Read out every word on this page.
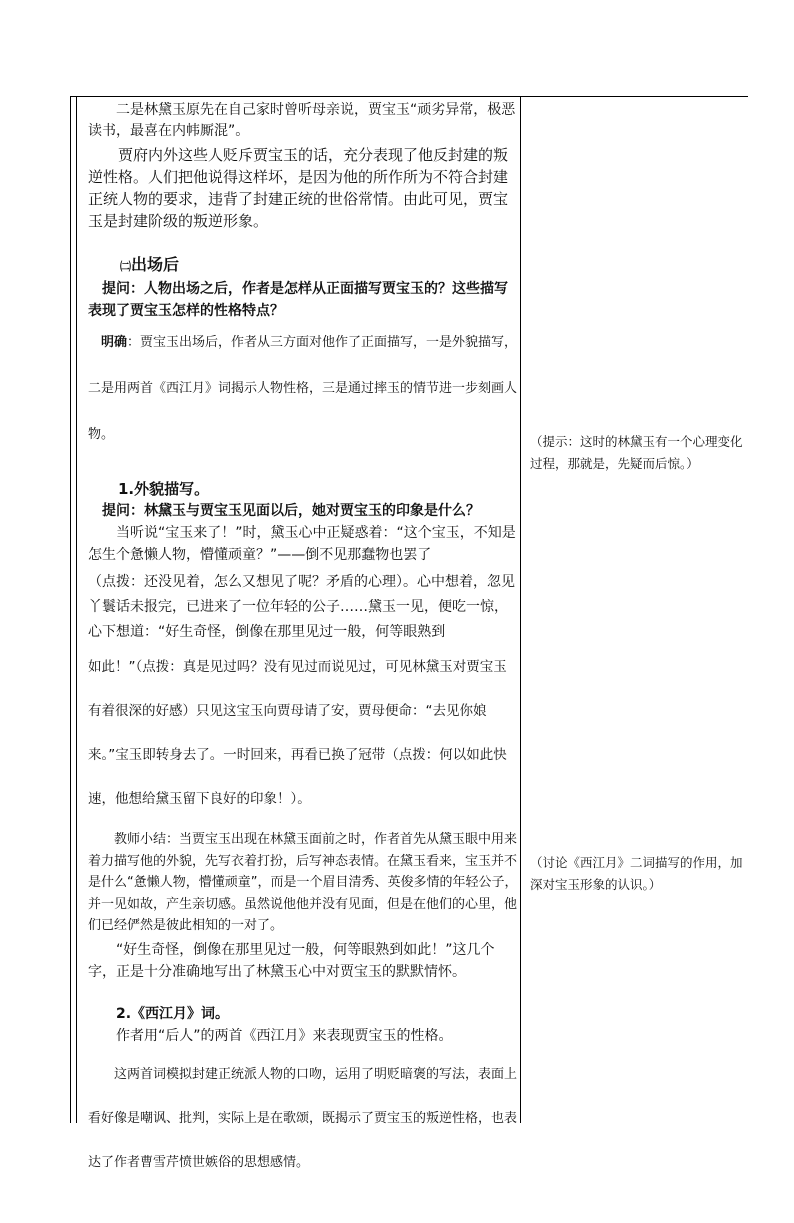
二是林黛玉原先在自己家时曾听母亲说，贾宝玉“顽劣异常，极恶读书，最喜在内帏厮混”。

贾府内外这些人贬斥贾宝玉的话，充分表现了他反封建的叛逆性格。人们把他说得这样坏，是因为他的所作所为不符合封建正统人物的要求，违背了封建正统的世俗常情。由此可见，贾宝玉是封建阶级的叛逆形象。

㈡出场后

提问：人物出场之后，作者是怎样从正面描写贾宝玉的？这些描写表现了贾宝玉怎样的性格特点？

明确：贾宝玉出场后，作者从三方面对他作了正面描写，一是外貌描写，二是用两首《西江月》词揭示人物性格，三是通过摔玉的情节进一步刻画人物。

1.外貌描写。

提问：林黛玉与贾宝玉见面以后，她对贾宝玉的印象是什么？

当听说“宝玉来了！”时，黛玉心中正疑惑着：“这个宝玉，不知是怎生个惫懒人物，懵懂顽童？”——倒不见那蠢物也罢了

（点拨：还没见着，怎么又想见了呢？矛盾的心理）。心中想着，忽见丫鬟话未报完，已进来了一位年轻的公子……黛玉一见，便吃一惊，心下想道：“好生奇怪，倒像在那里见过一般，何等眼熟到

如此！”（点拨：真是见过吗？没有见过而说见过，可见林黛玉对贾宝玉有着很深的好感）只见这宝玉向贾母请了安，贾母便命：“去见你娘来。”宝玉即转身去了。一时回来，再看已换了冠带（点拨：何以如此快速，他想给黛玉留下良好的印象！）。

教师小结：当贾宝玉出现在林黛玉面前之时，作者首先从黛玉眼中用来着力描写他的外貌，先写衣着打扮，后写神态表情。在黛玉看来，宝玉并不是什么“惫懒人物，懵懂顽童”，而是一个眉目清秀、英俊多情的年轻公子，并一见如故，产生亲切感。虽然说他他并没有见面，但是在他们的心里，他们已经俨然是彼此相知的一对了。

“好生奇怪，倒像在那里见过一般，何等眼熟到如此！”这几个字，正是十分准确地写出了林黛玉心中对贾宝玉的默默情怀。

2.《西江月》词。

作者用“后人”的两首《西江月》来表现贾宝玉的性格。

这两首词模拟封建正统派人物的口吻，运用了明贬暗褒的写法，表面上看好像是嘲讽、批判，实际上是在歌颂，既揭示了贾宝玉的叛逆性格，也表达了作者曹雪芹愤世嫉俗的思想感情。

（提示：这时的林黛玉有一个心理变化过程，那就是，先疑而后惊。）
（讨论《西江月》二词描写的作用，加深对宝玉形象的认识。）
